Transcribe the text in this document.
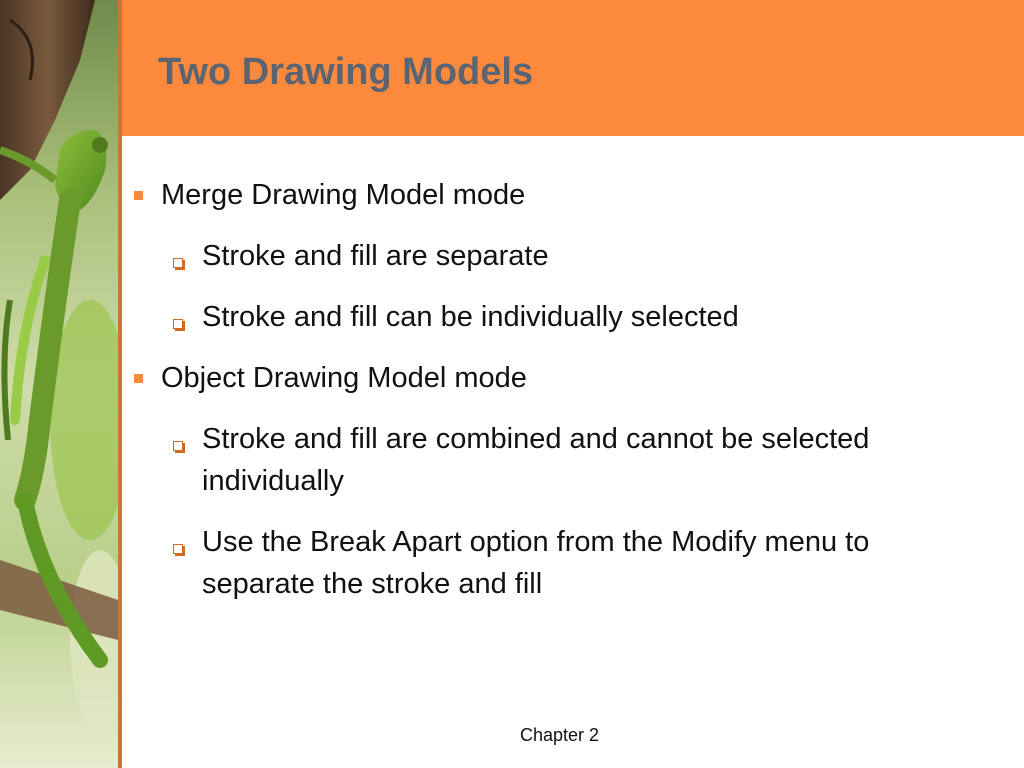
Two Drawing Models
Merge Drawing Model mode
Stroke and fill are separate
Stroke and fill can be individually selected
Object Drawing Model mode
Stroke and fill are combined and cannot be selected individually
Use the Break Apart option from the Modify menu to separate the stroke and fill
Chapter 2
